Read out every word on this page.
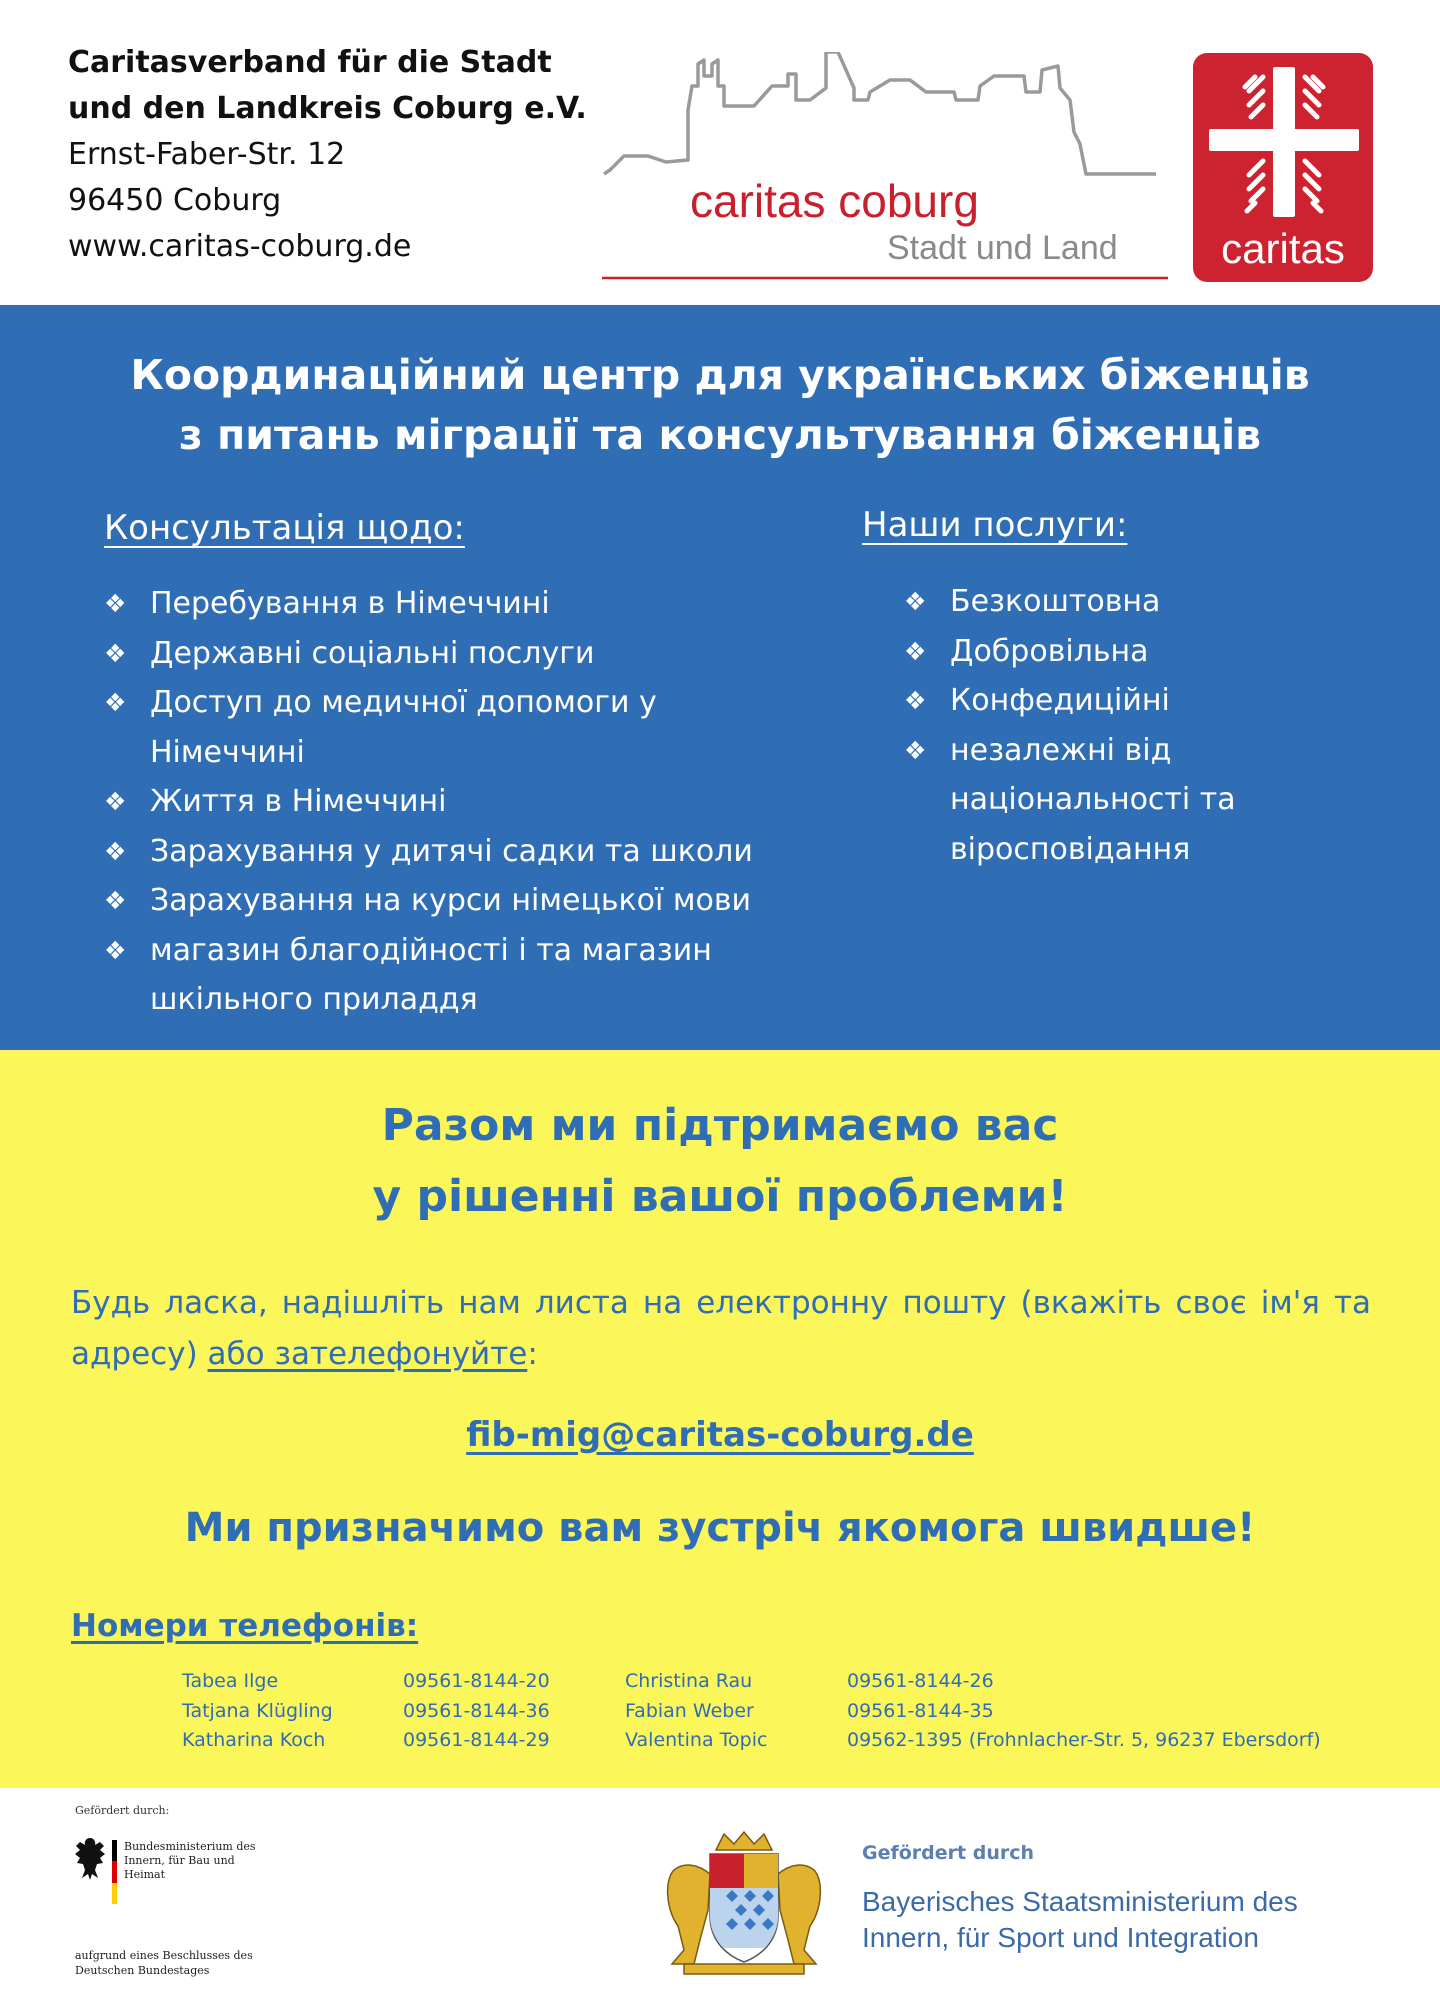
Caritasverband für die Stadt
und den Landkreis Coburg e.V.
Ernst-Faber-Str. 12
96450 Coburg
www.caritas-coburg.de
caritas coburg
Stadt und Land caritas
Координаційний центр для українських біженців
з питань міграції та консультування біженців
Консультація щодо:
❖ Перебування в Німеччині
❖ Державні соціальні послуги
❖ Доступ до медичної допомоги у Німеччині
❖ Життя в Німеччині
❖ Зарахування у дитячі садки та школи
❖ Зарахування на курси німецької мови
❖ магазин благодійності і та магазин шкільного приладдя
Наши послуги:
❖ Безкоштовна
❖ Добровільна
❖ Конфедиційні
❖ незалежні від національності та віросповідання
Разом ми підтримаємо вас
у рішенні вашої проблеми!
Будь ласка, надішліть нам листа на електронну пошту (вкажіть своє ім'я та адресу) або зателефонуйте:
fib-mig@caritas-coburg.de
Ми призначимо вам зустріч якомога швидше!
Номери телефонів:
Tabea Ilge	09561-8144-20	Christina Rau	09561-8144-26
Tatjana Klügling	09561-8144-36	Fabian Weber	09561-8144-35
Katharina Koch	09561-8144-29	Valentina Topic	09562-1395 (Frohnlacher-Str. 5, 96237 Ebersdorf)
Gefördert durch:
Bundesministerium des Innern, für Bau und Heimat
aufgrund eines Beschlusses des Deutschen Bundestages
Gefördert durch
Bayerisches Staatsministerium des
Innern, für Sport und Integration
